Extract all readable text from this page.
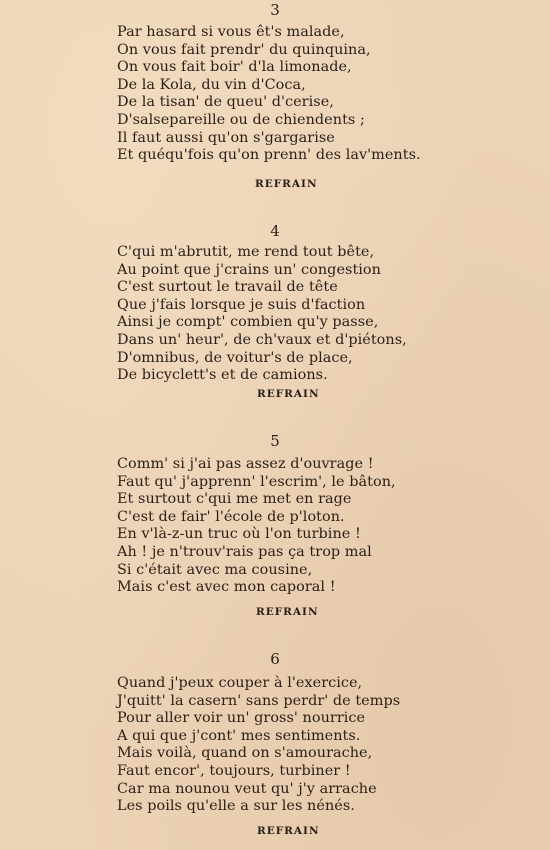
3
Par hasard si vous êt's malade,
On vous fait prendr' du quinquina,
On vous fait boir' d'la limonade,
De la Kola, du vin d'Coca,
De la tisan' de queu' d'cerise,
D'salsepareille ou de chiendents ;
Il faut aussi qu'on s'gargarise
Et quéqu'fois qu'on prenn' des lav'ments.
REFRAIN
4
C'qui m'abrutit, me rend tout bête,
Au point que j'crains un' congestion
C'est surtout le travail de tête
Que j'fais lorsque je suis d'faction
Ainsi je compt' combien qu'y passe,
Dans un' heur', de ch'vaux et d'piétons,
D'omnibus, de voitur's de place,
De bicyclett's et de camions.
REFRAIN
5
Comm' si j'ai pas assez d'ouvrage !
Faut qu' j'apprenn' l'escrim', le bâton,
Et surtout c'qui me met en rage
C'est de fair' l'école de p'loton.
En v'là-z-un truc où l'on turbine !
Ah ! je n'trouv'rais pas ça trop mal
Si c'était avec ma cousine,
Mais c'est avec mon caporal !
REFRAIN
6
Quand j'peux couper à l'exercice,
J'quitt' la casern' sans perdr' de temps
Pour aller voir un' gross' nourrice
A qui que j'cont' mes sentiments.
Mais voilà, quand on s'amourache,
Faut encor', toujours, turbiner !
Car ma nounou veut qu' j'y arrache
Les poils qu'elle a sur les nénés.
REFRAIN
